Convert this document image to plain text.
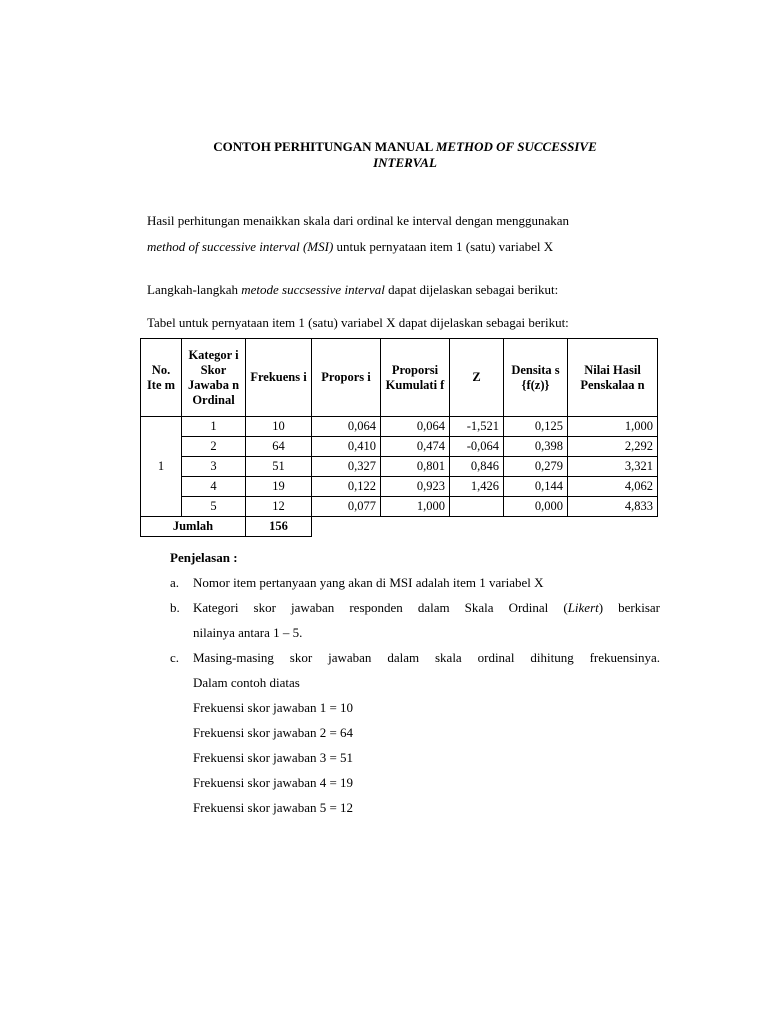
CONTOH PERHITUNGAN MANUAL METHOD OF SUCCESSIVE
INTERVAL
Hasil perhitungan menaikkan skala dari ordinal ke interval dengan menggunakan
method of successive interval (MSI) untuk pernyataan item 1 (satu) variabel X
Langkah-langkah metode succsessive interval dapat dijelaskan sebagai berikut:
Tabel untuk pernyataan item 1 (satu) variabel X dapat dijelaskan sebagai berikut:
No. Ite m	Kategor i Skor Jawaba n Ordinal	Frekuens i	Propors i	Proporsi Kumulati f	Z	Densita s {f(z)}	Nilai Hasil Penskalaa n
1	1	10	0,064	0,064	-1,521	0,125	1,000
	2	64	0,410	0,474	-0,064	0,398	2,292
	3	51	0,327	0,801	0,846	0,279	3,321
	4	19	0,122	0,923	1,426	0,144	4,062
	5	12	0,077	1,000		0,000	4,833
Jumlah		156					
Penjelasan :
a. Nomor item pertanyaan yang akan di MSI adalah item 1 variabel X
b. Kategori skor jawaban responden dalam Skala Ordinal (Likert) berkisar
nilainya antara 1 – 5.
c. Masing-masing skor jawaban dalam skala ordinal dihitung frekuensinya.
Dalam contoh diatas
Frekuensi skor jawaban 1 = 10
Frekuensi skor jawaban 2 = 64
Frekuensi skor jawaban 3 = 51
Frekuensi skor jawaban 4 = 19
Frekuensi skor jawaban 5 = 12
